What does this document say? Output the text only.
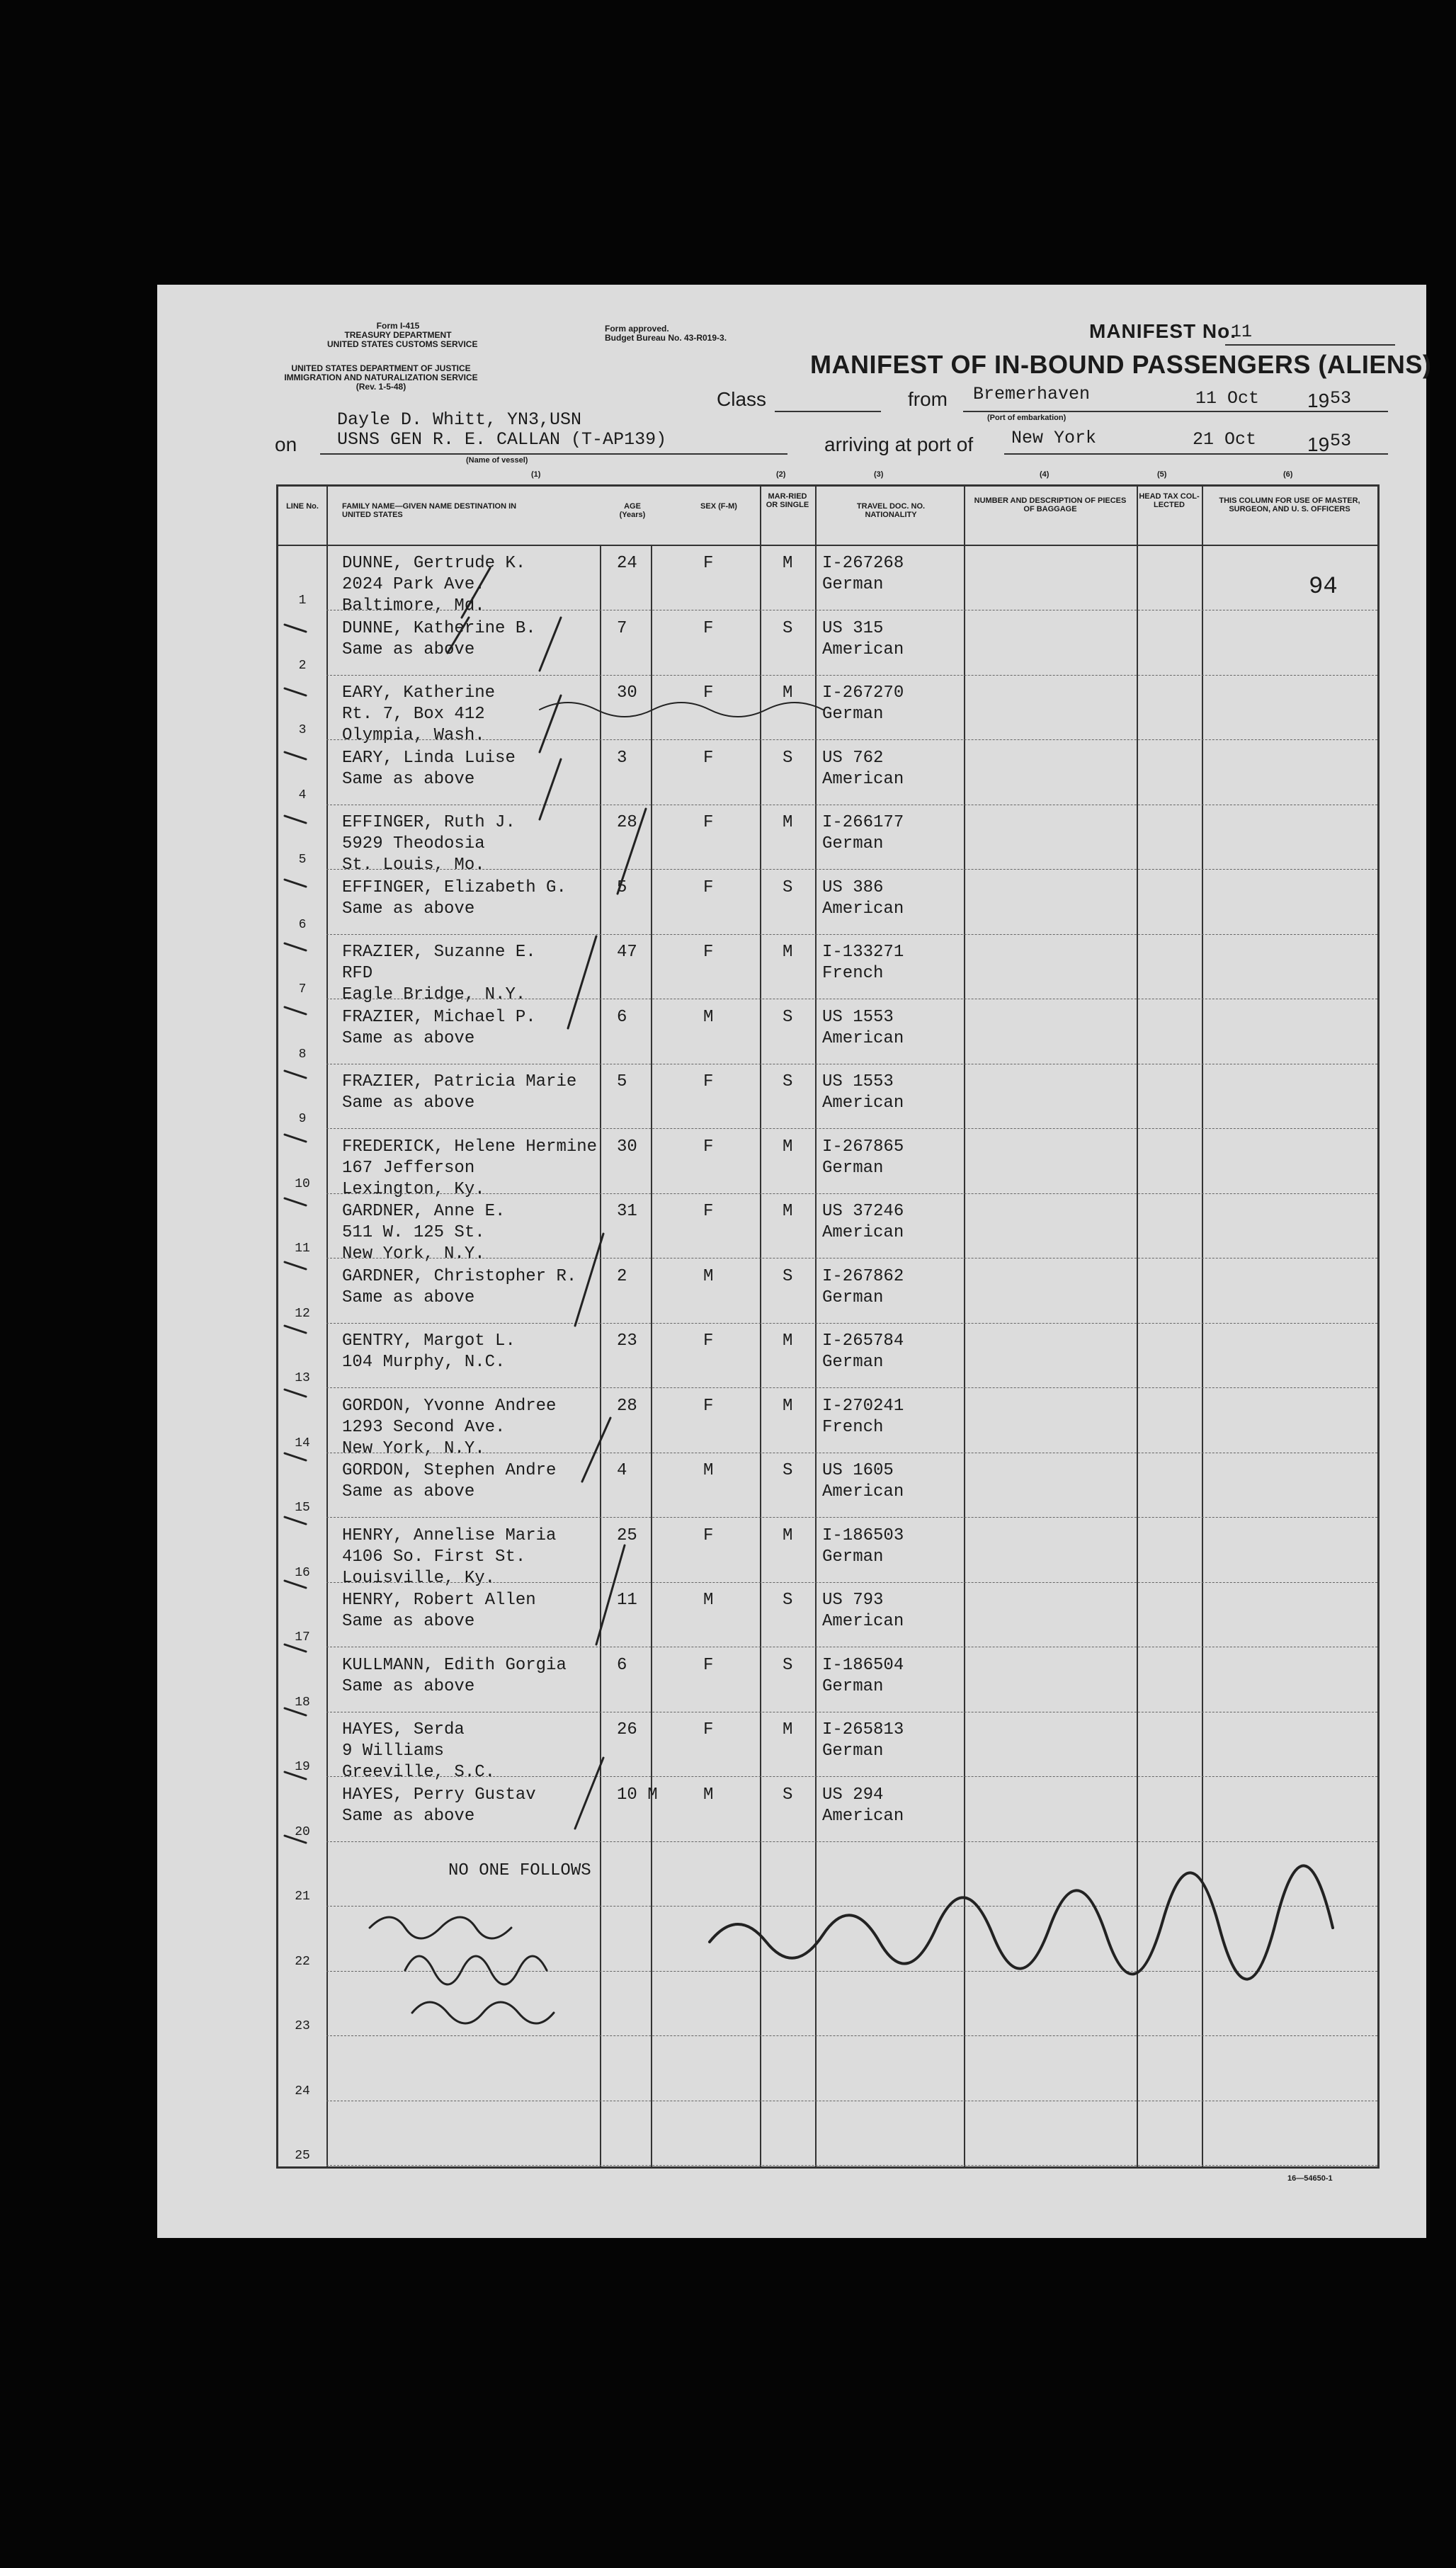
Form I-415
TREASURY DEPARTMENT
UNITED STATES CUSTOMS SERVICE
Form approved.
Budget Bureau No. 43-R019-3.
UNITED STATES DEPARTMENT OF JUSTICE
IMMIGRATION AND NATURALIZATION SERVICE
(Rev. 1-5-48)
MANIFEST No.
11
MANIFEST OF IN-BOUND PASSENGERS (ALIENS)
Dayle D. Whitt, YN3,USN
Class	from Bremerhaven	11 Oct 19 53
(Port of embarkation)
on USNS GEN R. E. CALLAN (T-AP139)
(Name of vessel)
arriving at port of New York	21 Oct	19 53
(1)	(2)	(3)	(4)	(5)	(6)
LINE No.	FAMILY NAME—GIVEN NAME DESTINATION IN UNITED STATES
AGE (Years)
SEX (F-M)
MAR-RIED OR SINGLE	TRAVEL DOC. NO. NATIONALITY
NUMBER AND DESCRIPTION OF PIECES OF BAGGAGE
HEAD TAX COL-LECTED	THIS COLUMN FOR USE OF MASTER, SURGEON, AND U. S. OFFICERS
1
DUNNE, Gertrude K.
2024 Park Ave.
Baltimore, Md.
24	F	M I-267268
German
2
DUNNE, Katherine B.
Same as above
7	F	S US 315
American
3
EARY, Katherine
Rt. 7, Box 412
Olympia, Wash.
30	F	M I-267270
German
4
EARY, Linda Luise
Same as above
3	F	S US 762
American
5
EFFINGER, Ruth J.
5929 Theodosia
St. Louis, Mo.
28	F	M I-266177
German
6
EFFINGER, Elizabeth G.
Same as above
5	F	S US 386
American
7
FRAZIER, Suzanne E.
RFD
Eagle Bridge, N.Y.
47	F	M I-133271
French
8
FRAZIER, Michael P.
Same as above
6	M	S US 1553
American
9
FRAZIER, Patricia Marie
Same as above
5	F	S US 1553
American
10
FREDERICK, Helene Hermine
167 Jefferson
Lexington, Ky.
30	F	M I-267865
German
11
GARDNER, Anne E.
511 W. 125 St.
New York, N.Y.
31	F	M US 37246
American
12
GARDNER, Christopher R.
Same as above
2	M	S I-267862
German
13
GENTRY, Margot L.
104 Murphy, N.C.
23	F	M I-265784
German
14
GORDON, Yvonne Andree
1293 Second Ave.
New York, N.Y.
28	F	M I-270241
French
15
GORDON, Stephen Andre
Same as above
4	M	S US 1605
American
16
HENRY, Annelise Maria
4106 So. First St.
Louisville, Ky.
25	F	M I-186503
German
17
HENRY, Robert Allen
Same as above
11	M	S US 793
American
18
KULLMANN, Edith Gorgia
Same as above
6	F	S I-186504
German
19
HAYES, Serda
9 Williams
Greeville, S.C.
26	F	M I-265813
German
20
HAYES, Perry Gustav
Same as above
10 M	M	S US 294
American
21
NO ONE FOLLOWS
22
23
24
25
94
16—54650-1
